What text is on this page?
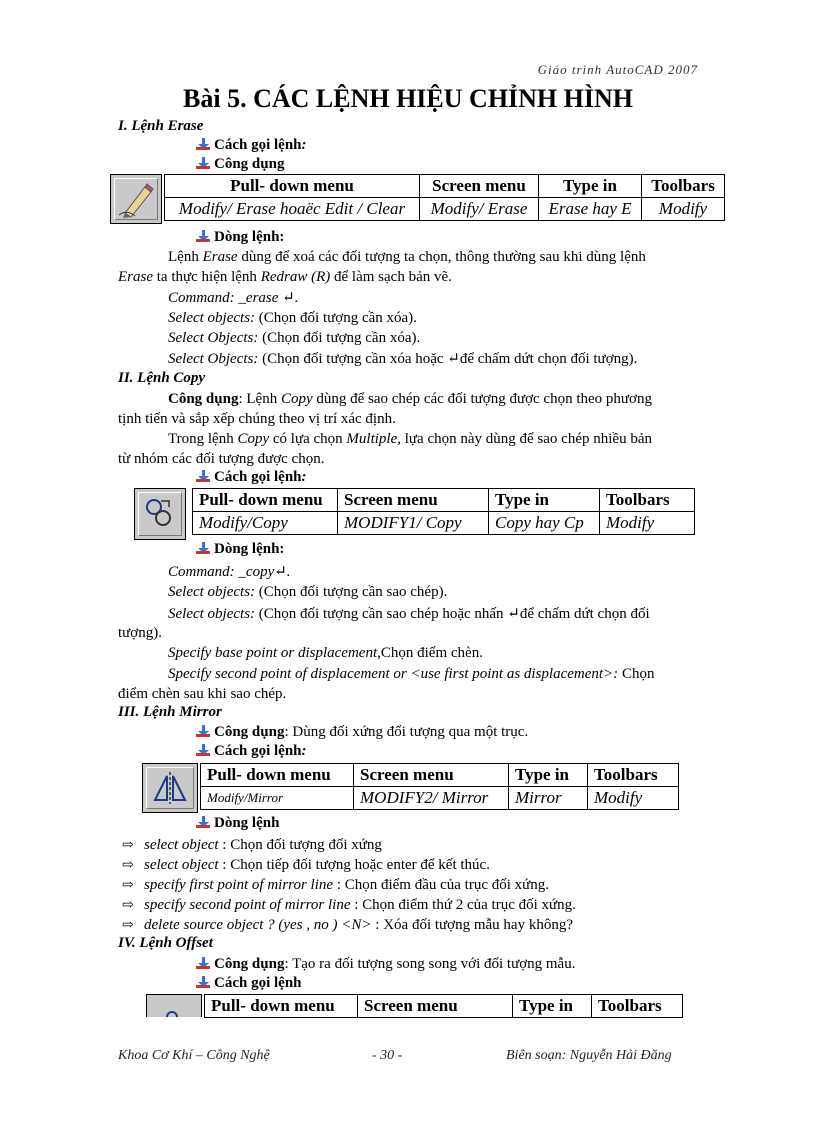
Giáo trình AutoCAD 2007
Bài 5. CÁC LỆNH HIỆU CHỈNH HÌNH
I. Lệnh Erase
Cách gọi lệnh:
Công dụng
Pull- down menu	Screen menu	Type in	Toolbars
Modify/ Erase hoaëc Edit / Clear	Modify/ Erase	Erase hay E	Modify
Dòng lệnh:
Lệnh Erase dùng để xoá các đối tượng ta chọn, thông thường sau khi dùng lệnh
Erase ta thực hiện lệnh Redraw (R) để làm sạch bản vẽ.
Command: _erase ↵.
Select objects: (Chọn đối tượng cần xóa).
Select Objects: (Chọn đối tượng cần xóa).
Select Objects: (Chọn đối tượng cần xóa hoặc ↵để chấm dứt chọn đối tượng).
II. Lệnh Copy
Công dụng: Lệnh Copy dùng để sao chép các đối tượng được chọn theo phương
tịnh tiến và sắp xếp chúng theo vị trí xác định.
Trong lệnh Copy có lựa chọn Multiple, lựa chọn này dùng để sao chép nhiều bản
từ nhóm các đối tượng được chọn.
Cách gọi lệnh:
Pull- down menu	Screen menu	Type in	Toolbars
Modify/Copy	MODIFY1/ Copy	Copy hay Cp	Modify
Dòng lệnh:
Command: _copy↵.
Select objects: (Chọn đối tượng cần sao chép).
Select objects: (Chọn đối tượng cần sao chép hoặc nhấn ↵để chấm dứt chọn đối
tượng).
Specify base point or displacement,Chọn điểm chèn.
Specify second point of displacement or <use first point as displacement>: Chọn
điểm chèn sau khi sao chép.
III. Lệnh Mirror
Công dụng: Dùng đối xứng đối tượng qua một trục.
Cách gọi lệnh:
Pull- down menu	Screen menu	Type in	Toolbars
Modify/Mirror	MODIFY2/ Mirror	Mirror	Modify
Dòng lệnh
⇨ select object : Chọn đối tượng đối xứng
⇨ select object : Chọn tiếp đối tượng hoặc enter để kết thúc.
⇨ specify first point of mirror line : Chọn điểm đầu của trục đối xứng.
⇨ specify second point of mirror line : Chọn điểm thứ 2 của trục đối xứng.
⇨ delete source object ? (yes , no ) <N> : Xóa đối tượng mẫu hay không?
IV. Lệnh Offset
Công dụng: Tạo ra đối tượng song song với đối tượng mẫu.
Cách gọi lệnh
Pull- down menu	Screen menu	Type in	Toolbars
Khoa Cơ Khí – Công Nghệ	- 30 -	Biên soạn: Nguyễn Hải Đăng
